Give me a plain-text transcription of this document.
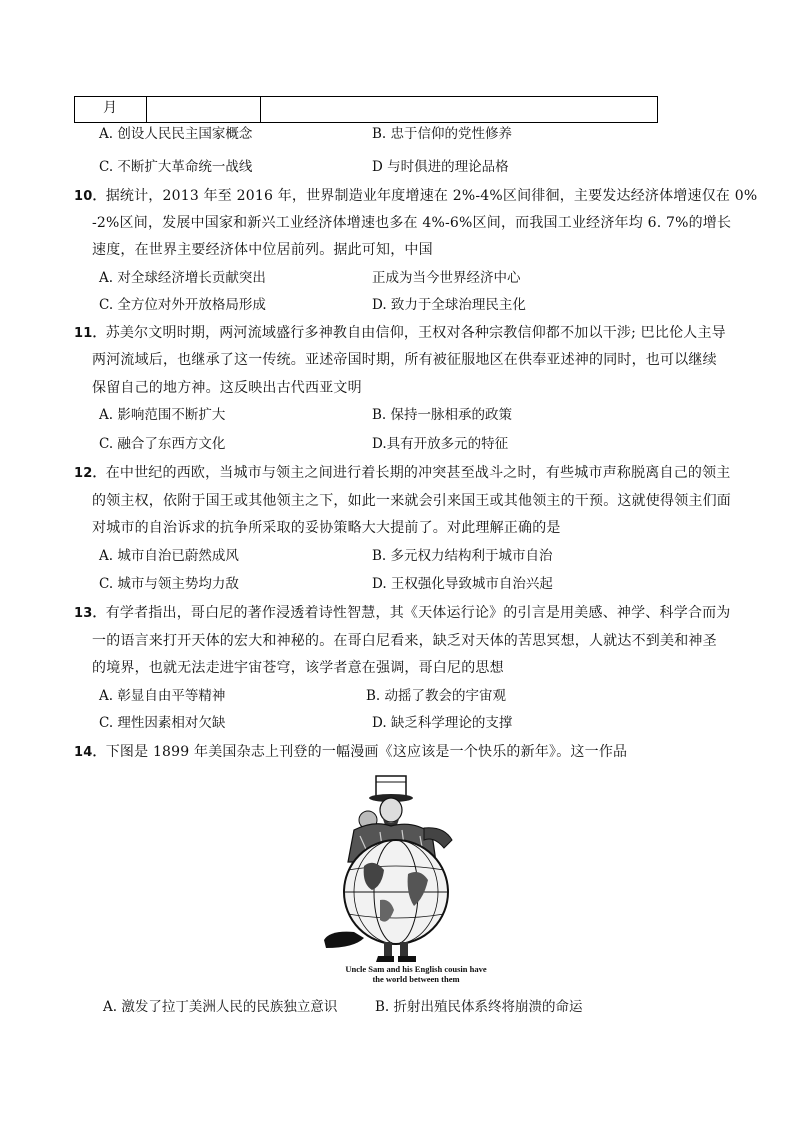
月
A. 创设人民民主国家概念	B. 忠于信仰的党性修养
C. 不断扩大革命统一战线	D 与时俱进的理论品格
10．据统计，2013 年至 2016 年，世界制造业年度增速在 2%-4%区间徘徊，主要发达经济体增速仅在 0%
-2%区间，发展中国家和新兴工业经济体增速也多在 4%-6%区间，而我国工业经济年均 6. 7%的增长
速度，在世界主要经济体中位居前列。据此可知，中国
A. 对全球经济增长贡献突出	正成为当今世界经济中心
C. 全方位对外开放格局形成	D. 致力于全球治理民主化
11．苏美尔文明时期，两河流域盛行多神教自由信仰，王权对各种宗教信仰都不加以干涉; 巴比伦人主导
两河流域后，也继承了这一传统。亚述帝国时期，所有被征服地区在供奉亚述神的同时，也可以继续
保留自己的地方神。这反映出古代西亚文明
A. 影响范围不断扩大	B. 保持一脉相承的政策
C. 融合了东西方文化	D.具有开放多元的特征
12．在中世纪的西欧，当城市与领主之间进行着长期的冲突甚至战斗之时，有些城市声称脱离自己的领主
的领主权，依附于国王或其他领主之下，如此一来就会引来国王或其他领主的干预。这就使得领主们面
对城市的自治诉求的抗争所采取的妥协策略大大提前了。对此理解正确的是
A. 城市自治已蔚然成风	B. 多元权力结构利于城市自治
C. 城市与领主势均力敌	D. 王权强化导致城市自治兴起
13．有学者指出，哥白尼的著作浸透着诗性智慧，其《天体运行论》的引言是用美感、神学、科学合而为
一的语言来打开天体的宏大和神秘的。在哥白尼看来，缺乏对天体的苦思冥想，人就达不到美和神圣
的境界，也就无法走进宇宙苍穹，该学者意在强调，哥白尼的思想
A. 彰显自由平等精神	B. 动摇了教会的宇宙观
C. 理性因素相对欠缺	D. 缺乏科学理论的支撑
14．下图是 1899 年美国杂志上刊登的一幅漫画《这应该是一个快乐的新年》。这一作品
Uncle Sam and his English cousin have
the world between them
A. 激发了拉丁美洲人民的民族独立意识	B. 折射出殖民体系终将崩溃的命运
